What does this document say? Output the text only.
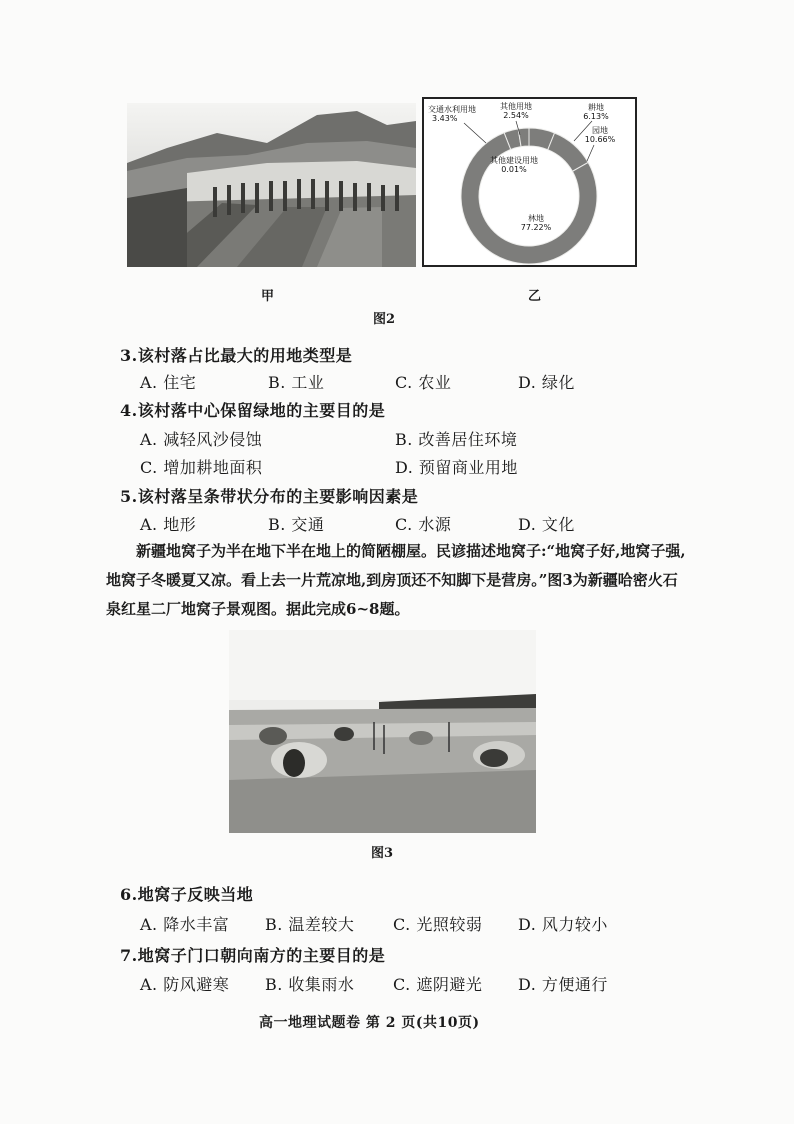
交通水利用地
3.43%
其他用地
2.54%
耕地
6.13%
园地
10.66%
其他建设用地
0.01%
林地
77.22%
甲	乙
图2
3.该村落占比最大的用地类型是
A. 住宅	B. 工业	C. 农业	D. 绿化
4.该村落中心保留绿地的主要目的是
A. 减轻风沙侵蚀	B. 改善居住环境
C. 增加耕地面积	D. 预留商业用地
5.该村落呈条带状分布的主要影响因素是
A. 地形	B. 交通	C. 水源	D. 文化
新疆地窝子为半在地下半在地上的简陋棚屋。民谚描述地窝子:“地窝子好,地窝子强,地窝子冬暖夏又凉。看上去一片荒凉地,到房顶还不知脚下是营房。”图3为新疆哈密火石泉红星二厂地窝子景观图。据此完成6~8题。
图3
6.地窝子反映当地
A. 降水丰富 B. 温差较大 C. 光照较弱 D. 风力较小
7.地窝子门口朝向南方的主要目的是
A. 防风避寒 B. 收集雨水 C. 遮阴避光 D. 方便通行
高一地理试题卷 第 2 页(共10页)
